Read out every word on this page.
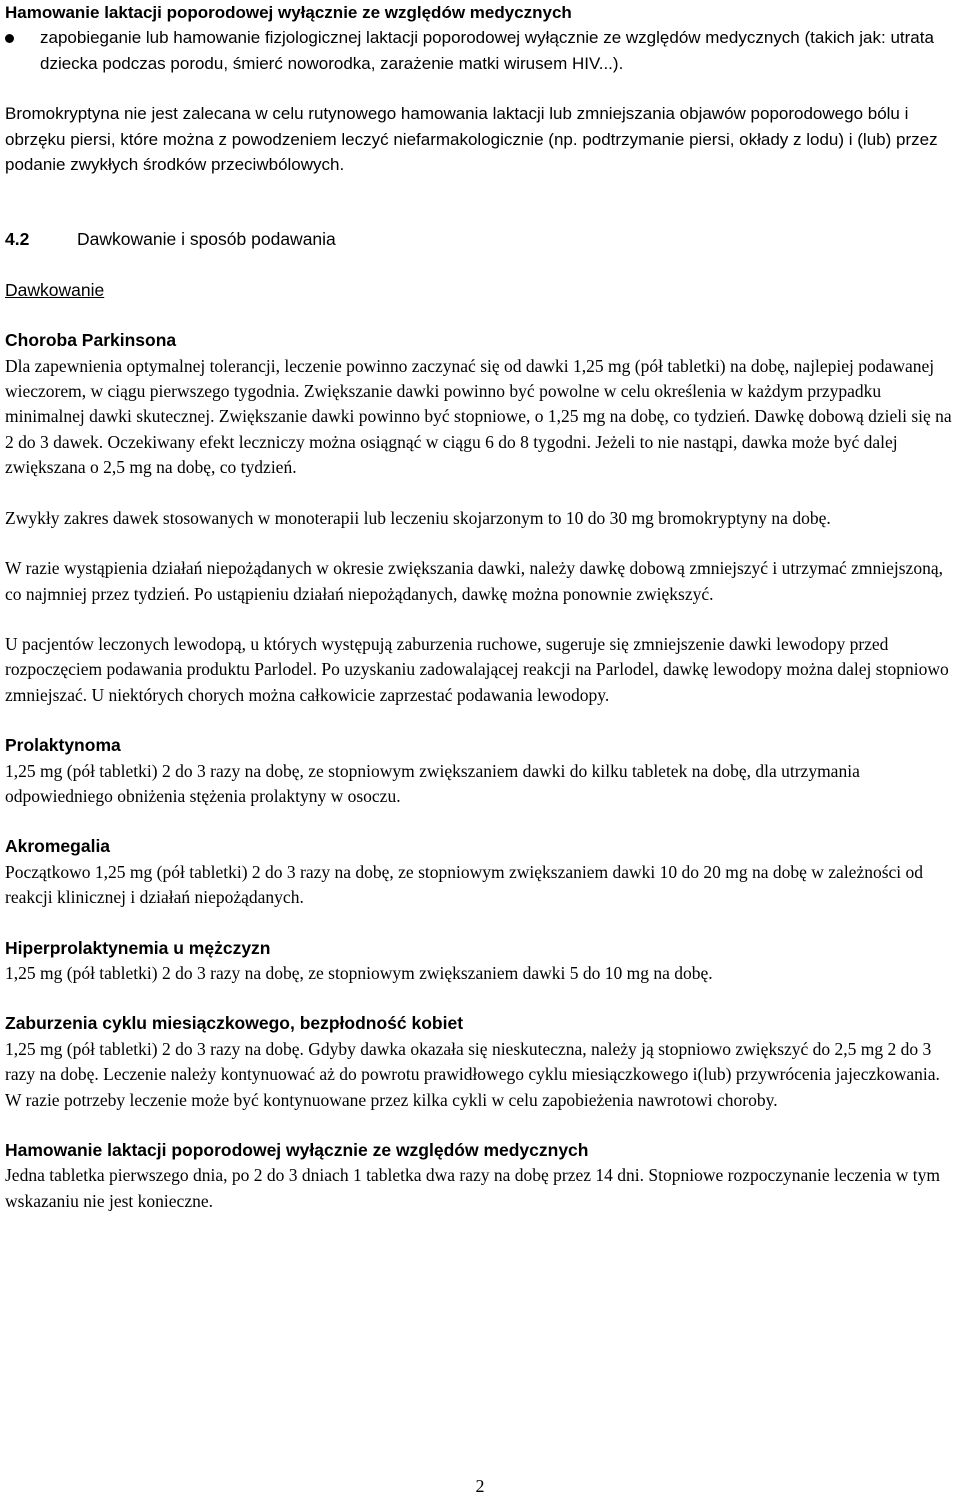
Hamowanie laktacji poporodowej wyłącznie ze względów medycznych

zapobieganie lub hamowanie fizjologicznej laktacji poporodowej wyłącznie ze względów medycznych (takich jak: utrata dziecka podczas porodu, śmierć noworodka, zarażenie matki wirusem HIV...).

Bromokryptyna nie jest zalecana w celu rutynowego hamowania laktacji lub zmniejszania objawów poporodowego bólu i obrzęku piersi, które można z powodzeniem leczyć niefarmakologicznie (np. podtrzymanie piersi, okłady z lodu) i (lub) przez podanie zwykłych środków przeciwbólowych.

4.2	Dawkowanie i sposób podawania

Dawkowanie

Choroba Parkinsona

Dla zapewnienia optymalnej tolerancji, leczenie powinno zaczynać się od dawki 1,25 mg (pół tabletki) na dobę, najlepiej podawanej wieczorem, w ciągu pierwszego tygodnia. Zwiększanie dawki powinno być powolne w celu określenia w każdym przypadku minimalnej dawki skutecznej. Zwiększanie dawki powinno być stopniowe, o 1,25 mg na dobę, co tydzień. Dawkę dobową dzieli się na 2 do 3 dawek. Oczekiwany efekt leczniczy można osiągnąć w ciągu 6 do 8 tygodni. Jeżeli to nie nastąpi, dawka może być dalej zwiększana o 2,5 mg na dobę, co tydzień.

Zwykły zakres dawek stosowanych w monoterapii lub leczeniu skojarzonym to 10 do 30 mg bromokryptyny na dobę.

W razie wystąpienia działań niepożądanych w okresie zwiększania dawki, należy dawkę dobową zmniejszyć i utrzymać zmniejszoną, co najmniej przez tydzień. Po ustąpieniu działań niepożądanych, dawkę można ponownie zwiększyć.

U pacjentów leczonych lewodopą, u których występują zaburzenia ruchowe, sugeruje się zmniejszenie dawki lewodopy przed rozpoczęciem podawania produktu Parlodel. Po uzyskaniu zadowalającej reakcji na Parlodel, dawkę lewodopy można dalej stopniowo zmniejszać. U niektórych chorych można całkowicie zaprzestać podawania lewodopy.

Prolaktynoma

1,25 mg (pół tabletki) 2 do 3 razy na dobę, ze stopniowym zwiększaniem dawki do kilku tabletek na dobę, dla utrzymania odpowiedniego obniżenia stężenia prolaktyny w osoczu.

Akromegalia

Początkowo 1,25 mg (pół tabletki) 2 do 3 razy na dobę, ze stopniowym zwiększaniem dawki 10 do 20 mg na dobę w zależności od reakcji klinicznej i działań niepożądanych.

Hiperprolaktynemia u mężczyzn

1,25 mg (pół tabletki) 2 do 3 razy na dobę, ze stopniowym zwiększaniem dawki 5 do 10 mg na dobę.

Zaburzenia cyklu miesiączkowego, bezpłodność kobiet

1,25 mg (pół tabletki) 2 do 3 razy na dobę. Gdyby dawka okazała się nieskuteczna, należy ją stopniowo zwiększyć do 2,5 mg 2 do 3 razy na dobę. Leczenie należy kontynuować aż do powrotu prawidłowego cyklu miesiączkowego i(lub) przywrócenia jajeczkowania. W razie potrzeby leczenie może być kontynuowane przez kilka cykli w celu zapobieżenia nawrotowi choroby.

Hamowanie laktacji poporodowej wyłącznie ze względów medycznych

Jedna tabletka pierwszego dnia, po 2 do 3 dniach 1 tabletka dwa razy na dobę przez 14 dni. Stopniowe rozpoczynanie leczenia w tym wskazaniu nie jest konieczne.

2
